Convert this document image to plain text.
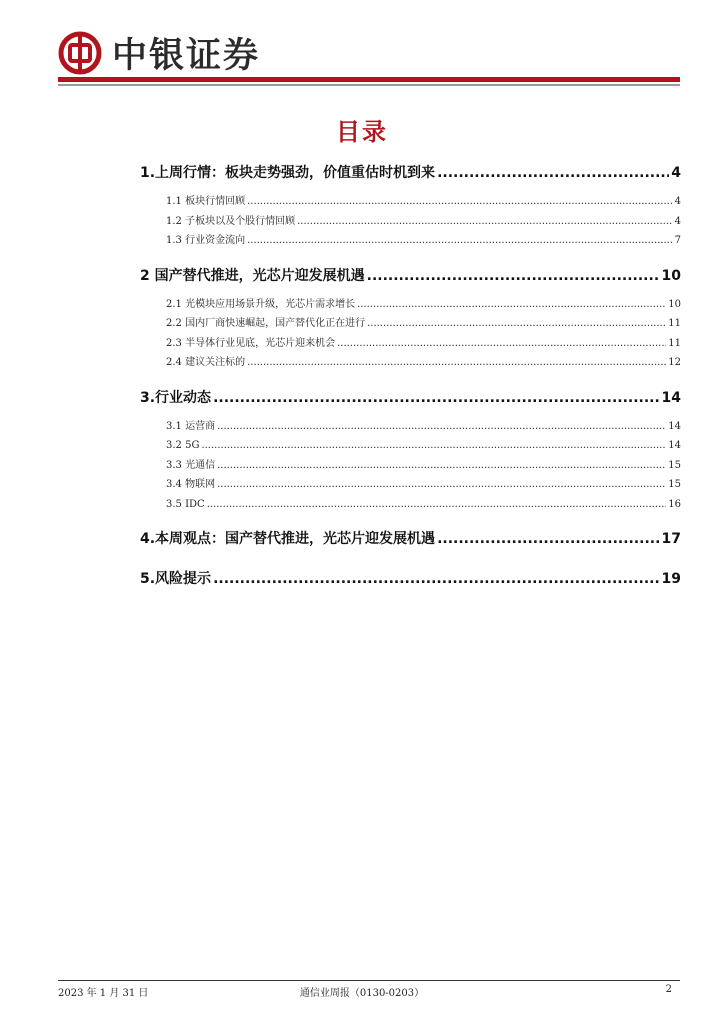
中银证券
目录
1.上周行情：板块走势强劲，价值重估时机到来 .....	4
1.1 板块行情回顾 .....	4
1.2 子板块以及个股行情回顾 .....	4
1.3 行业资金流向 .....	7
2 国产替代推进，光芯片迎发展机遇 .....	10
2.1 光模块应用场景升级，光芯片需求增长 .....	10
2.2 国内厂商快速崛起，国产替代化正在进行 .....	11
2.3 半导体行业见底，光芯片迎来机会 .....	11
2.4 建议关注标的 .....	12
3.行业动态 .....	14
3.1 运营商 .....	14
3.2 5G .....	14
3.3 光通信 .....	15
3.4 物联网 .....	15
3.5 IDC .....	16
4.本周观点：国产替代推进，光芯片迎发展机遇 .....	17
5.风险提示 .....	19
2023 年 1 月 31 日	通信业周报（0130-0203）	2
